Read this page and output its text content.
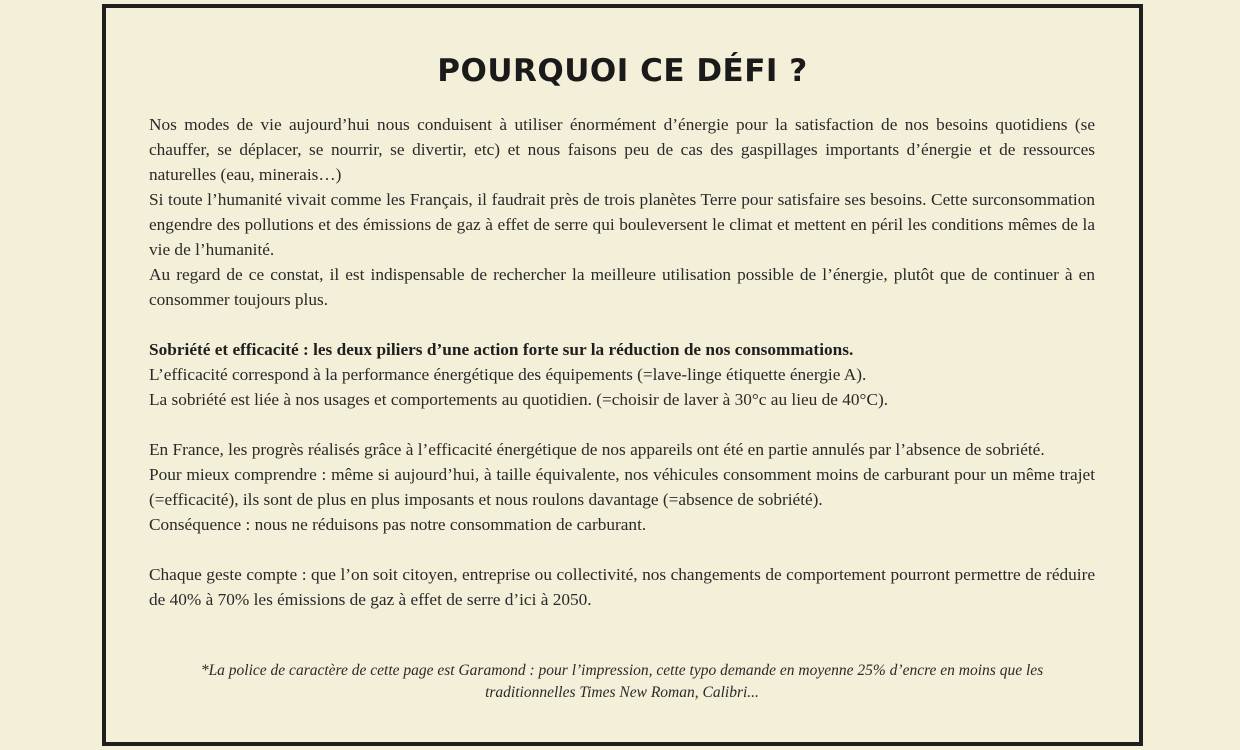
POURQUOI CE DÉFI ?

Nos modes de vie aujourd’hui nous conduisent à utiliser énormément d’énergie pour la satisfaction de nos besoins quotidiens (se chauffer, se déplacer, se nourrir, se divertir, etc) et nous faisons peu de cas des gaspillages importants d’énergie et de ressources naturelles (eau, minerais…)

Si toute l’humanité vivait comme les Français, il faudrait près de trois planètes Terre pour satisfaire ses besoins. Cette surconsommation engendre des pollutions et des émissions de gaz à effet de serre qui bouleversent le climat et mettent en péril les conditions mêmes de la vie de l’humanité.

Au regard de ce constat, il est indispensable de rechercher la meilleure utilisation possible de l’énergie, plutôt que de continuer à en consommer toujours plus.

Sobriété et efficacité : les deux piliers d’une action forte sur la réduction de nos consommations.

L’efficacité correspond à la performance énergétique des équipements (=lave-linge étiquette énergie A).

La sobriété est liée à nos usages et comportements au quotidien. (=choisir de laver à 30°c au lieu de 40°C).

En France, les progrès réalisés grâce à l’efficacité énergétique de nos appareils ont été en partie annulés par l’absence de sobriété.

Pour mieux comprendre : même si aujourd’hui, à taille équivalente, nos véhicules consomment moins de carburant pour un même trajet (=efficacité), ils sont de plus en plus imposants et nous roulons davantage (=absence de sobriété).

Conséquence : nous ne réduisons pas notre consommation de carburant.

Chaque geste compte : que l’on soit citoyen, entreprise ou collectivité, nos changements de comportement pourront permettre de réduire de 40% à 70% les émissions de gaz à effet de serre d’ici à 2050.

*La police de caractère de cette page est Garamond : pour l’impression, cette typo demande en moyenne 25% d’encre en moins que les traditionnelles Times New Roman, Calibri...
